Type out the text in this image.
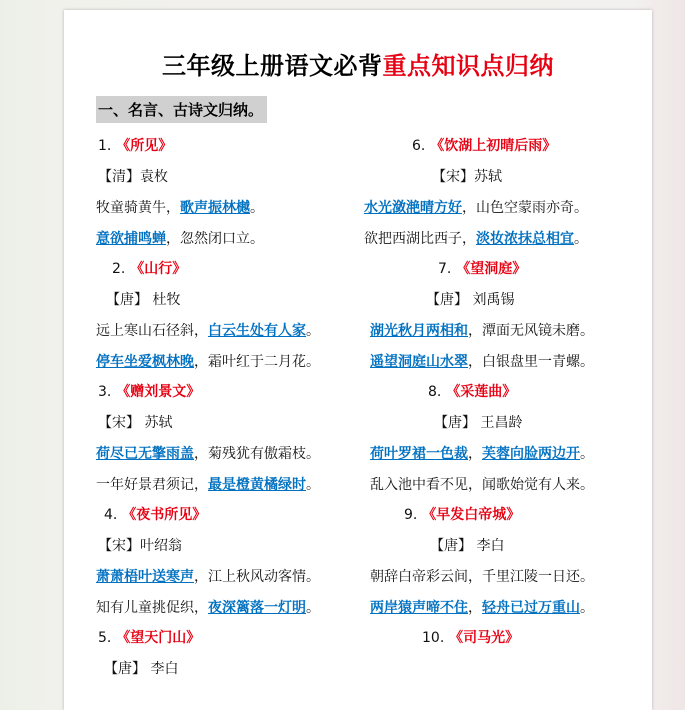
三年级上册语文必背重点知识点归纳
一、名言、古诗文归纳。
1. 《所见》
【清】袁枚
牧童骑黄牛，歌声振林樾。
意欲捕鸣蝉，忽然闭口立。
2. 《山行》
【唐】 杜牧
远上寒山石径斜，白云生处有人家。
停车坐爱枫林晚，霜叶红于二月花。
3. 《赠刘景文》
【宋】 苏轼
荷尽已无擎雨盖，菊残犹有傲霜枝。
一年好景君须记，最是橙黄橘绿时。
4. 《夜书所见》
【宋】叶绍翁
萧萧梧叶送寒声，江上秋风动客情。
知有儿童挑促织，夜深篱落一灯明。
5. 《望天门山》
【唐】 李白
6. 《饮湖上初晴后雨》
【宋】苏轼
水光潋滟晴方好，山色空蒙雨亦奇。
欲把西湖比西子，淡妆浓抹总相宜。
7. 《望洞庭》
【唐】 刘禹锡
湖光秋月两相和，潭面无风镜未磨。
遥望洞庭山水翠，白银盘里一青螺。
8. 《采莲曲》
【唐】 王昌龄
荷叶罗裙一色裁，芙蓉向脸两边开。
乱入池中看不见，闻歌始觉有人来。
9. 《早发白帝城》
【唐】 李白
朝辞白帝彩云间，千里江陵一日还。
两岸猿声啼不住，轻舟已过万重山。
10. 《司马光》
